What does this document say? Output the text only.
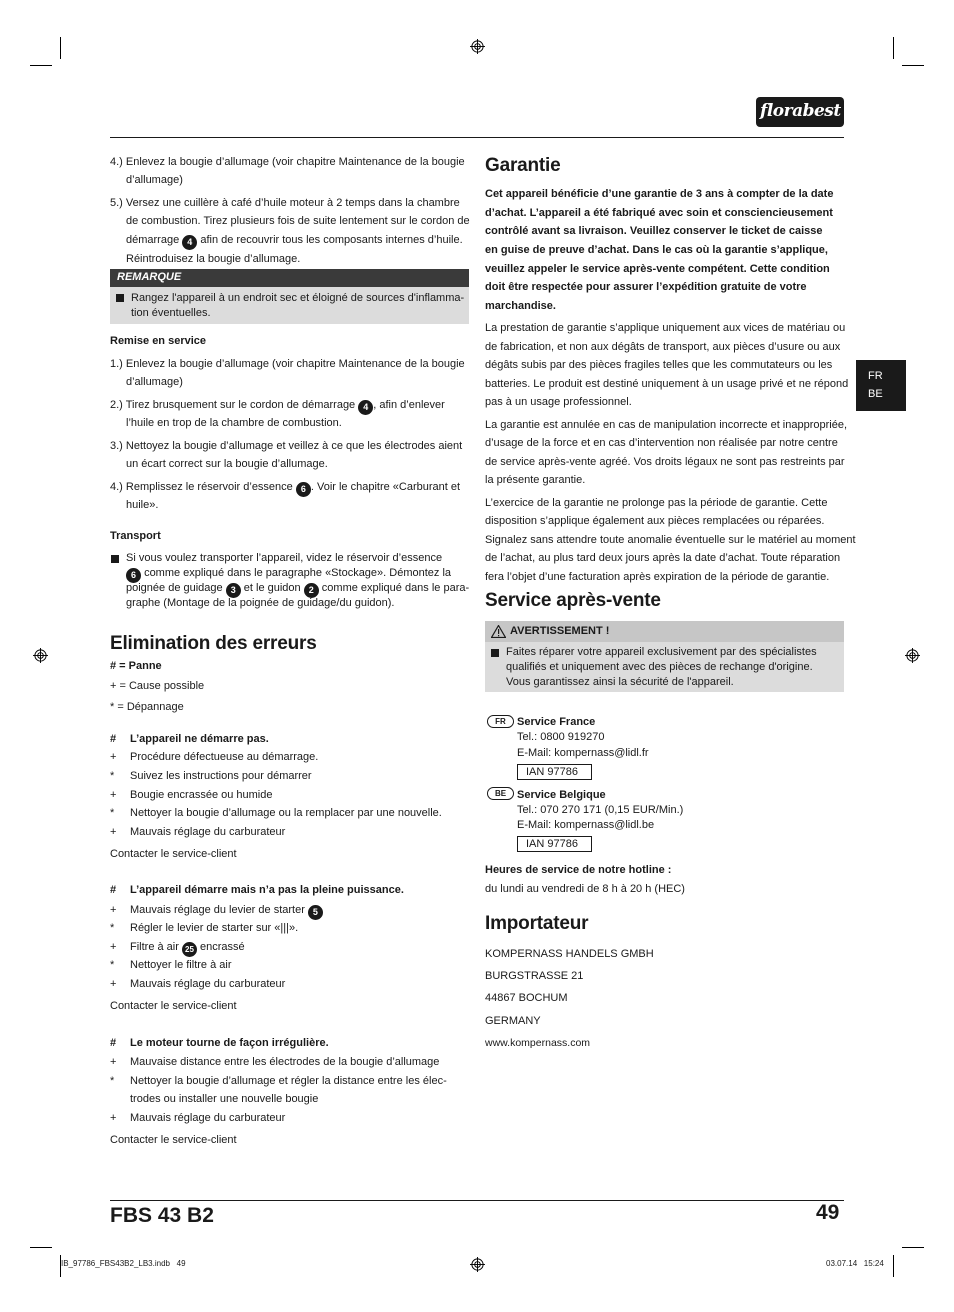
florabest
FR
BE
4.) Enlevez la bougie d’allumage (voir chapitre Maintenance de la bougie
d’allumage)
5.) Versez une cuillère à café d’huile moteur à 2 temps dans la chambre
de combustion. Tirez plusieurs fois de suite lentement sur le cordon de
démarrage 4 afin de recouvrir tous les composants internes d’huile.
Réintroduisez la bougie d’allumage.
REMARQUE
Rangez l'appareil à un endroit sec et éloigné de sources d'inflamma-
tion éventuelles.
Remise en service
1.) Enlevez la bougie d’allumage (voir chapitre Maintenance de la bougie
d’allumage)
2.) Tirez brusquement sur le cordon de démarrage 4 , afin d’enlever
l’huile en trop de la chambre de combustion.
3.) Nettoyez la bougie d’allumage et veillez à ce que les électrodes aient
un écart correct sur la bougie d’allumage.
4.) Remplissez le réservoir d’essence 6 . Voir le chapitre «Carburant et
huile».
Transport
Si vous voulez transporter l’appareil, videz le réservoir d’essence
6 comme expliqué dans le paragraphe «Stockage». Démontez la
poignée de guidage 3 et le guidon 2 comme expliqué dans le para-
graphe (Montage de la poignée de guidage/du guidon).
Elimination des erreurs
# = Panne
+ = Cause possible
* = Dépannage
# L’appareil ne démarre pas.
+ Procédure défectueuse au démarrage.
* Suivez les instructions pour démarrer
+ Bougie encrassée ou humide
* Nettoyer la bougie d’allumage ou la remplacer par une nouvelle.
+ Mauvais réglage du carburateur
Contacter le service-client
# L’appareil démarre mais n’a pas la pleine puissance.
+ Mauvais réglage du levier de starter 5
* Régler le levier de starter sur «|||».
+ Filtre à air 25 encrassé
* Nettoyer le filtre à air
+ Mauvais réglage du carburateur
Contacter le service-client
# Le moteur tourne de façon irrégulière.
+ Mauvaise distance entre les électrodes de la bougie d’allumage
* Nettoyer la bougie d’allumage et régler la distance entre les élec-
trodes ou installer une nouvelle bougie
+ Mauvais réglage du carburateur
Contacter le service-client
Garantie
Cet appareil bénéficie d’une garantie de 3 ans à compter de la date
d’achat. L’appareil a été fabriqué avec soin et consciencieusement
contrôlé avant sa livraison. Veuillez conserver le ticket de caisse
en guise de preuve d’achat. Dans le cas où la garantie s’applique,
veuillez appeler le service après-vente compétent. Cette condition
doit être respectée pour assurer l’expédition gratuite de votre
marchandise.
La prestation de garantie s’applique uniquement aux vices de matériau ou
de fabrication, et non aux dégâts de transport, aux pièces d’usure ou aux
dégâts subis par des pièces fragiles telles que les commutateurs ou les
batteries. Le produit est destiné uniquement à un usage privé et ne répond
pas à un usage professionnel.
La garantie est annulée en cas de manipulation incorrecte et inappropriée,
d’usage de la force et en cas d’intervention non réalisée par notre centre
de service après-vente agréé. Vos droits légaux ne sont pas restreints par
la présente garantie.
L’exercice de la garantie ne prolonge pas la période de garantie. Cette
disposition s’applique également aux pièces remplacées ou réparées.
Signalez sans attendre toute anomalie éventuelle sur le matériel au moment
de l’achat, au plus tard deux jours après la date d’achat. Toute réparation
fera l’objet d’une facturation après expiration de la période de garantie.
Service après-vente
AVERTISSEMENT !
Faites réparer votre appareil exclusivement par des spécialistes
qualifiés et uniquement avec des pièces de rechange d'origine.
Vous garantissez ainsi la sécurité de l'appareil.
FR	Service France
Tel.: 0800 919270
E-Mail: kompernass@lidl.fr
IAN 97786
BE Service Belgique
Tel.: 070 270 171 (0,15 EUR/Min.)
E-Mail: kompernass@lidl.be
IAN 97786
Heures de service de notre hotline :
du lundi au vendredi de 8 h à 20 h (HEC)
Importateur
KOMPERNASS HANDELS GMBH
BURGSTRASSE 21
44867 BOCHUM
GERMANY
www.kompernass.com
FBS 43 B2	49
IB_97786_FBS43B2_LB3.indb   49	03.07.14   15:24
